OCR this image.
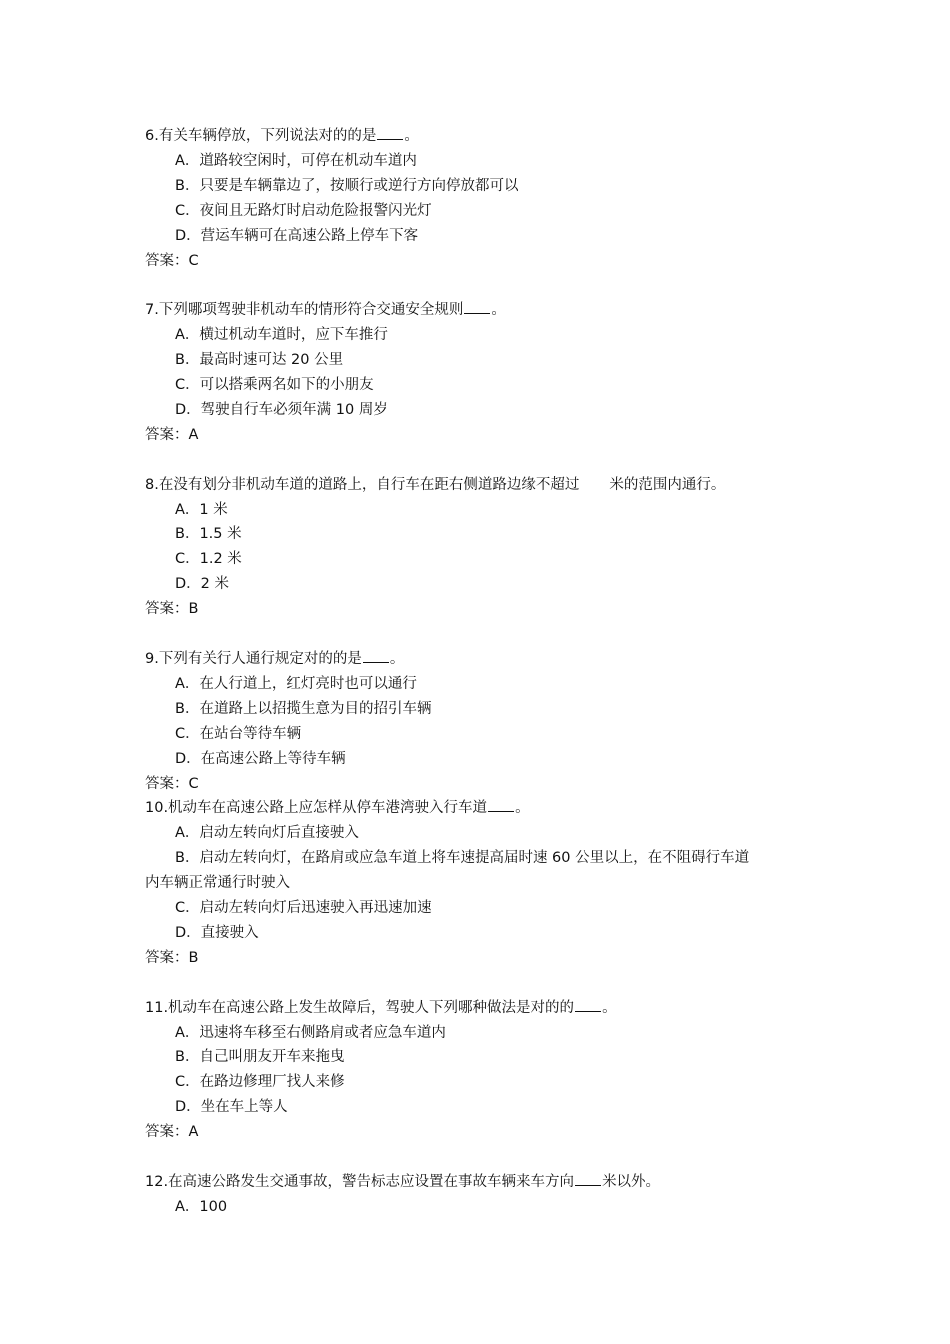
6.有关车辆停放，下列说法对的的是 。
A．道路较空闲时，可停在机动车道内
B．只要是车辆靠边了，按顺行或逆行方向停放都可以
C．夜间且无路灯时启动危险报警闪光灯
D．营运车辆可在高速公路上停车下客
答案：C
7.下列哪项驾驶非机动车的情形符合交通安全规则 。
A．横过机动车道时，应下车推行
B．最高时速可达 20 公里
C．可以搭乘两名如下的小朋友
D．驾驶自行车必须年满 10 周岁
答案：A
8.在没有划分非机动车道的道路上，自行车在距右侧道路边缘不超过 米的范围内通行。
A．1 米
B．1.5 米
C．1.2 米
D．2 米
答案：B
9.下列有关行人通行规定对的的是 。
A．在人行道上，红灯亮时也可以通行
B．在道路上以招揽生意为目的招引车辆
C．在站台等待车辆
D．在高速公路上等待车辆
答案：C
10.机动车在高速公路上应怎样从停车港湾驶入行车道 。
A．启动左转向灯后直接驶入
B．启动左转向灯，在路肩或应急车道上将车速提高届时速 60 公里以上，在不阻碍行车道
内车辆正常通行时驶入
C．启动左转向灯后迅速驶入再迅速加速
D．直接驶入
答案：B
11.机动车在高速公路上发生故障后，驾驶人下列哪种做法是对的的 。
A．迅速将车移至右侧路肩或者应急车道内
B．自己叫朋友开车来拖曳
C．在路边修理厂找人来修
D．坐在车上等人
答案：A
12.在高速公路发生交通事故，警告标志应设置在事故车辆来车方向 米以外。
A．100
